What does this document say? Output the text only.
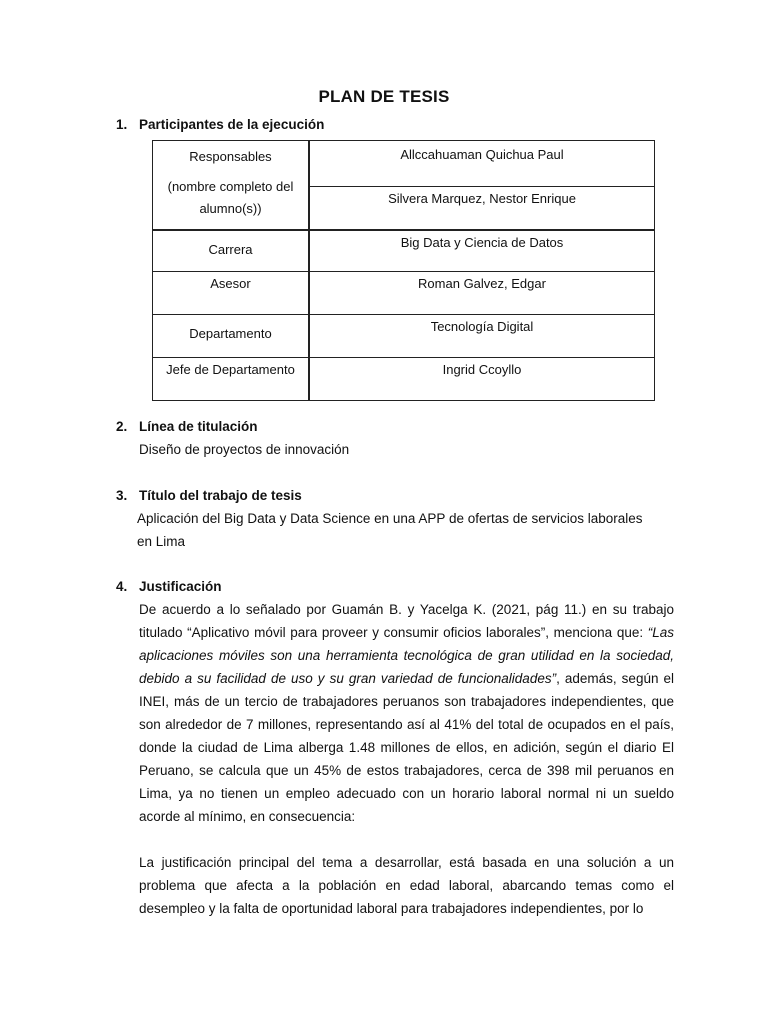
PLAN DE TESIS
1. Participantes de la ejecución
Responsables
(nombre completo del alumno(s))	Allccahuaman Quichua Paul

	Silvera Marquez, Nestor Enrique

Carrera	Big Data y Ciencia de Datos

Asesor	Roman Galvez, Edgar

Departamento	Tecnología Digital

Jefe de Departamento	Ingrid Ccoyllo
2. Línea de titulación
Diseño de proyectos de innovación
3. Título del trabajo de tesis
Aplicación del Big Data y Data Science en una APP de ofertas de servicios laborales
en Lima
4. Justificación

De acuerdo a lo señalado por Guamán B. y Yacelga K. (2021, pág 11.) en su trabajo titulado “Aplicativo móvil para proveer y consumir oficios laborales”, menciona que: “Las aplicaciones móviles son una herramienta tecnológica de gran utilidad en la sociedad, debido a su facilidad de uso y su gran variedad de funcionalidades”, además, según el INEI, más de un tercio de trabajadores peruanos son trabajadores independientes, que son alrededor de 7 millones, representando así al 41% del total de ocupados en el país, donde la ciudad de Lima alberga 1.48 millones de ellos, en adición, según el diario El Peruano, se calcula que un 45% de estos trabajadores, cerca de 398 mil peruanos en Lima, ya no tienen un empleo adecuado con un horario laboral normal ni un sueldo acorde al mínimo, en consecuencia:

La justificación principal del tema a desarrollar, está basada en una solución a un problema que afecta a la población en edad laboral, abarcando temas como el desempleo y la falta de oportunidad laboral para trabajadores independientes, por lo
